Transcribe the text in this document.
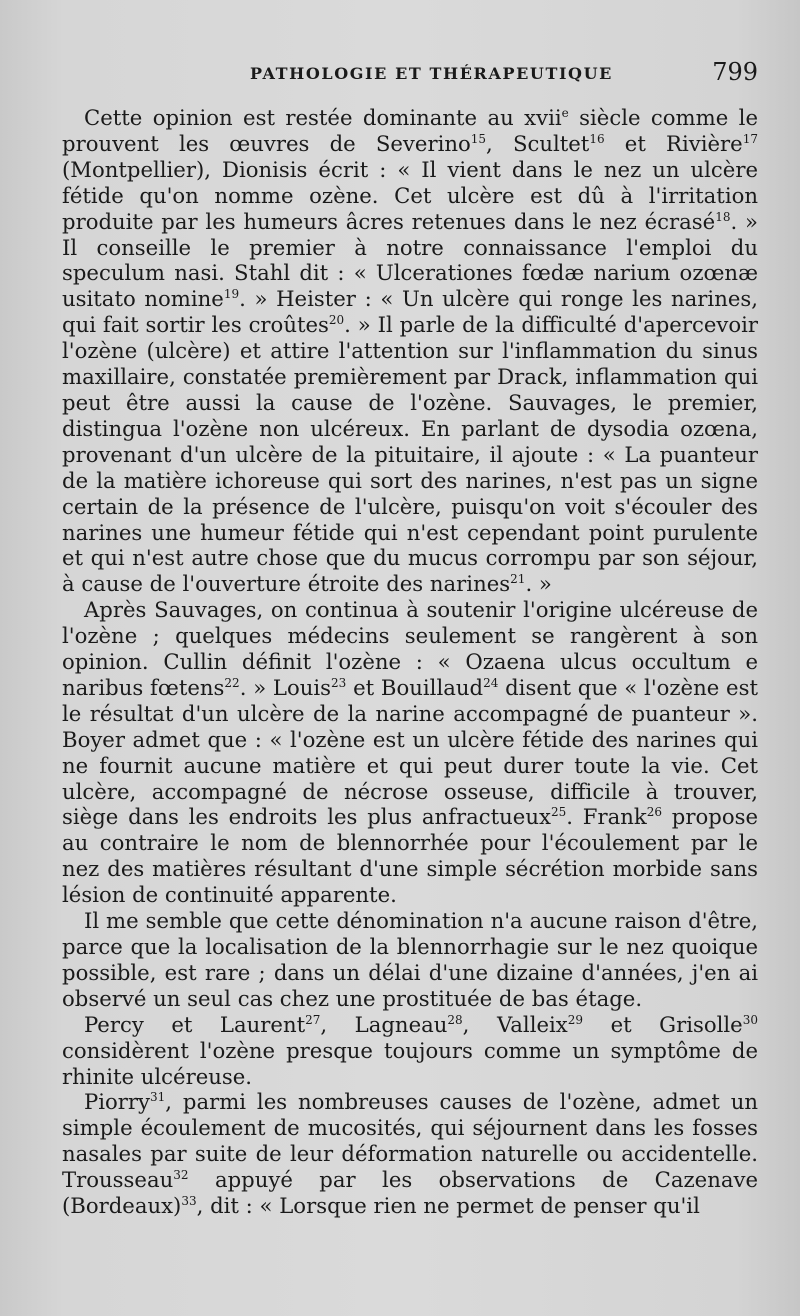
PATHOLOGIE ET THÉRAPEUTIQUE	799

Cette opinion est restée dominante au xvii$^e$ siècle comme le prouvent les œuvres de Severino$^{15}$, Scultet$^{16}$ et Rivière$^{17}$ (Montpellier), Dionisis écrit : « Il vient dans le nez un ulcère fétide qu'on nomme ozène. Cet ulcère est dû à l'irritation produite par les humeurs âcres retenues dans le nez écrasé$^{18}$. » Il conseille le premier à notre connaissance l'emploi du speculum nasi. Stahl dit : « Ulcerationes fœdæ narium ozœnæ usitato nomine$^{19}$. » Heister : « Un ulcère qui ronge les narines, qui fait sortir les croûtes$^{20}$. » Il parle de la difficulté d'apercevoir l'ozène (ulcère) et attire l'attention sur l'inflammation du sinus maxillaire, constatée premièrement par Drack, inflammation qui peut être aussi la cause de l'ozène. Sauvages, le premier, distingua l'ozène non ulcéreux. En parlant de dysodia ozœna, provenant d'un ulcère de la pituitaire, il ajoute : « La puanteur de la matière ichoreuse qui sort des narines, n'est pas un signe certain de la présence de l'ulcère, puisqu'on voit s'écouler des narines une humeur fétide qui n'est cependant point purulente et qui n'est autre chose que du mucus corrompu par son séjour, à cause de l'ouverture étroite des narines$^{21}$. »

Après Sauvages, on continua à soutenir l'origine ulcéreuse de l'ozène ; quelques médecins seulement se rangèrent à son opinion. Cullin définit l'ozène : « Ozaena ulcus occultum e naribus fœtens$^{22}$. » Louis$^{23}$ et Bouillaud$^{24}$ disent que « l'ozène est le résultat d'un ulcère de la narine accompagné de puanteur ». Boyer admet que : « l'ozène est un ulcère fétide des narines qui ne fournit aucune matière et qui peut durer toute la vie. Cet ulcère, accompagné de nécrose osseuse, difficile à trouver, siège dans les endroits les plus anfractueux$^{25}$. Frank$^{26}$ propose au contraire le nom de blennorrhée pour l'écoulement par le nez des matières résultant d'une simple sécrétion morbide sans lésion de continuité apparente.

Il me semble que cette dénomination n'a aucune raison d'être, parce que la localisation de la blennorrhagie sur le nez quoique possible, est rare ; dans un délai d'une dizaine d'années, j'en ai observé un seul cas chez une prostituée de bas étage.

Percy et Laurent$^{27}$, Lagneau$^{28}$, Valleix$^{29}$ et Grisolle$^{30}$ considèrent l'ozène presque toujours comme un symptôme de rhinite ulcéreuse.

Piorry$^{31}$, parmi les nombreuses causes de l'ozène, admet un simple écoulement de mucosités, qui séjournent dans les fosses nasales par suite de leur déformation naturelle ou accidentelle. Trousseau$^{32}$ appuyé par les observations de Cazenave (Bordeaux)$^{33}$, dit : « Lorsque rien ne permet de penser qu'il
